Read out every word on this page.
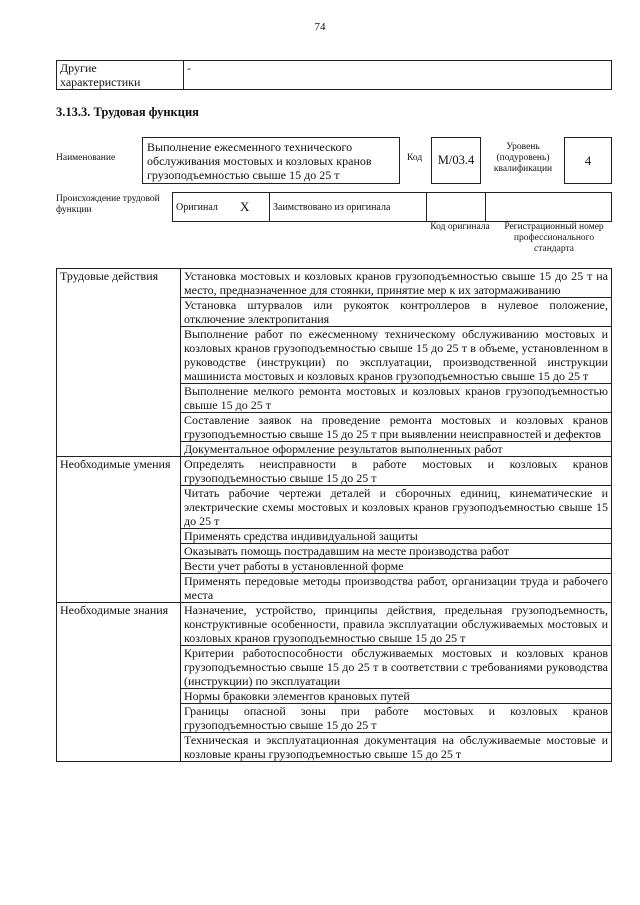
74
Другие характеристики	-
3.13.3. Трудовая функция
Наименование
Выполнение ежесменного технического обслуживания мостовых и козловых кранов грузоподъемностью свыше 15 до 25 т
Код	М/03.4
Уровень (подуровень) квалификации
4
Происхождение трудовой функции	Оригинал	X	Заимствовано из оригинала		
Код оригинала	Регистрационный номер профессионального стандарта
Трудовые действия	Установка мостовых и козловых кранов грузоподъемностью свыше 15 до 25 т на место, предназначенное для стоянки, принятие мер к их затормаживанию
	Установка штурвалов или рукояток контроллеров в нулевое положение, отключение электропитания
	Выполнение работ по ежесменному техническому обслуживанию мостовых и козловых кранов грузоподъемностью свыше 15 до 25 т в объеме, установленном в руководстве (инструкции) по эксплуатации, производственной инструкции машиниста мостовых и козловых кранов грузоподъемностью свыше 15 до 25 т
	Выполнение мелкого ремонта мостовых и козловых кранов грузоподъемностью свыше 15 до 25 т
	Составление заявок на проведение ремонта мостовых и козловых кранов грузоподъемностью свыше 15 до 25 т при выявлении неисправностей и дефектов
	Документальное оформление результатов выполненных работ
Необходимые умения	Определять неисправности в работе мостовых и козловых кранов грузоподъемностью свыше 15 до 25 т
	Читать рабочие чертежи деталей и сборочных единиц, кинематические и электрические схемы мостовых и козловых кранов грузоподъемностью свыше 15 до 25 т
	Применять средства индивидуальной защиты
	Оказывать помощь пострадавшим на месте производства работ
	Вести учет работы в установленной форме
	Применять передовые методы производства работ, организации труда и рабочего места
Необходимые знания	Назначение, устройство, принципы действия, предельная грузоподъемность, конструктивные особенности, правила эксплуатации обслуживаемых мостовых и козловых кранов грузоподъемностью свыше 15 до 25 т
	Критерии работоспособности обслуживаемых мостовых и козловых кранов грузоподъемностью свыше 15 до 25 т в соответствии с требованиями руководства (инструкции) по эксплуатации
	Нормы браковки элементов крановых путей
	Границы опасной зоны при работе мостовых и козловых кранов грузоподъемностью свыше 15 до 25 т
	Техническая и эксплуатационная документация на обслуживаемые мостовые и козловые краны грузоподъемностью свыше 15 до 25 т
